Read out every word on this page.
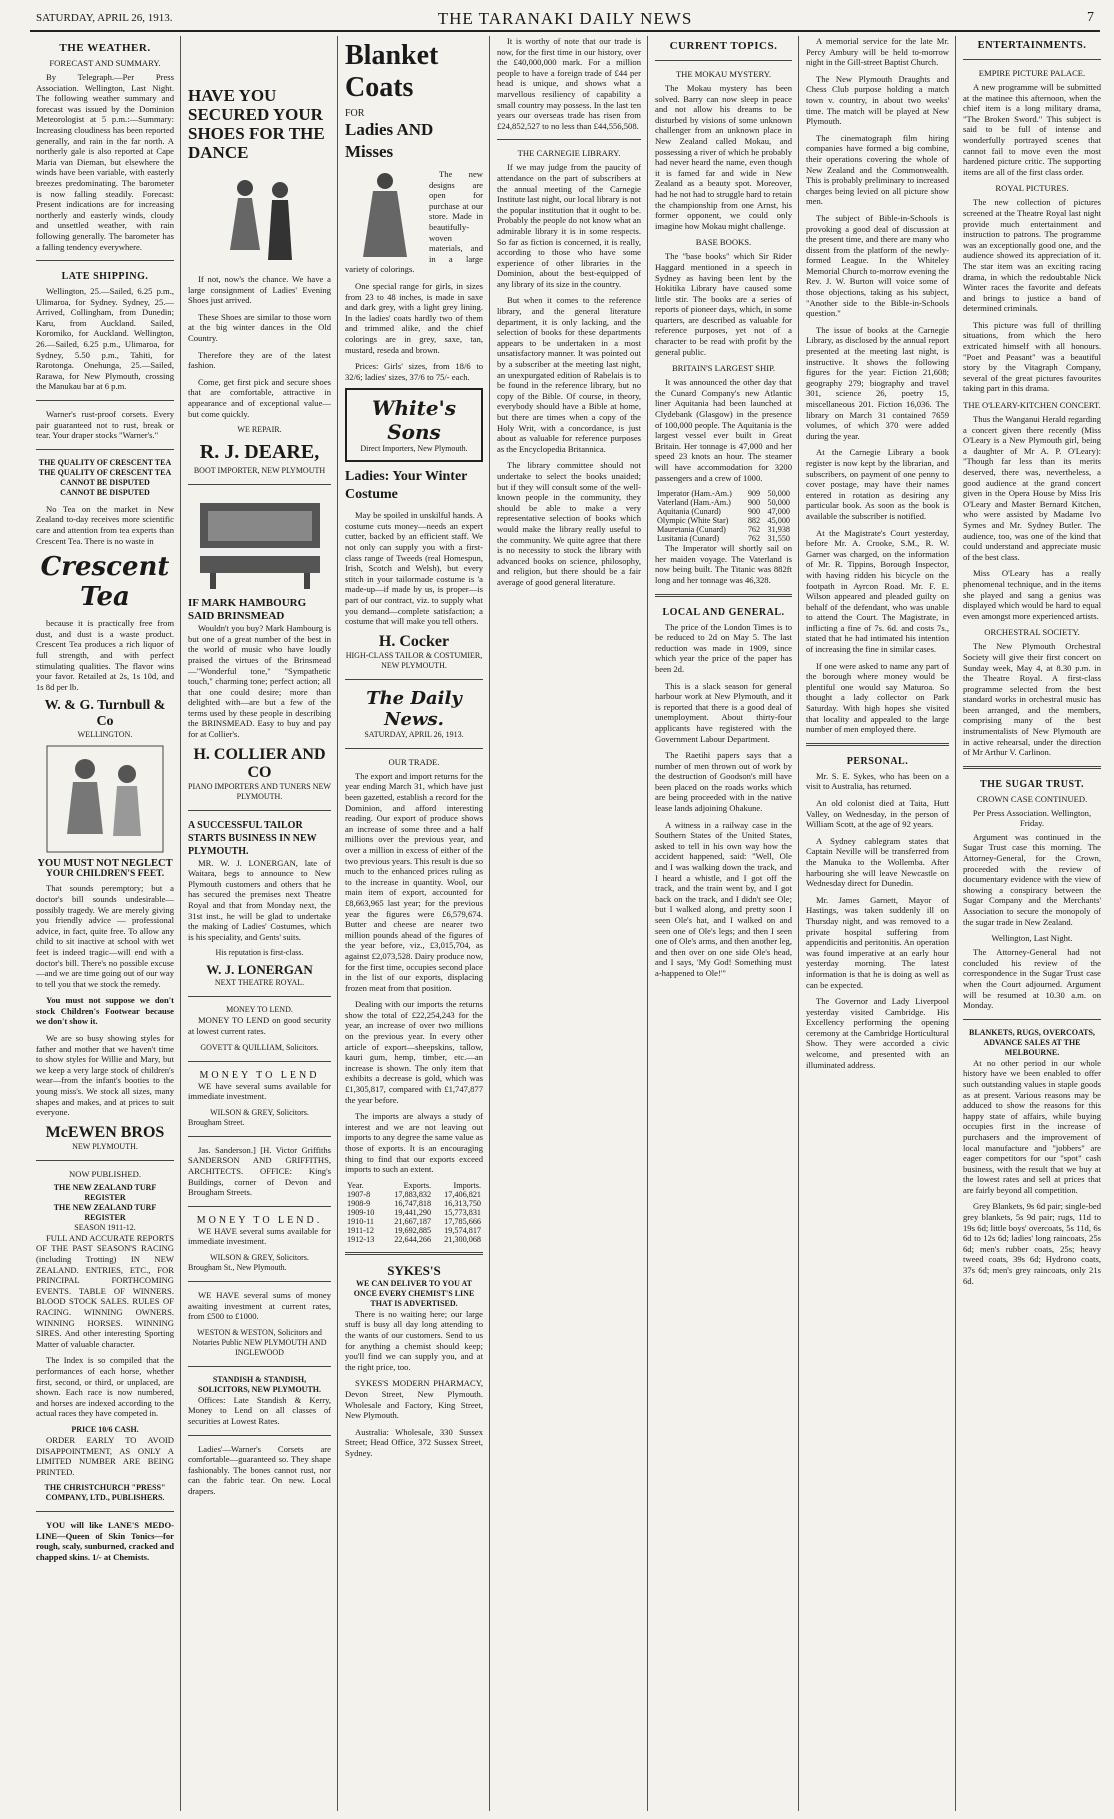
SATURDAY, APRIL 26, 1913.	THE TARANAKI DAILY NEWS	7
THE WEATHER.
FORECAST AND SUMMARY.

By Telegraph.—Per Press Association. Wellington, Last Night. The following weather summary and forecast was issued by the Dominion Meteorologist at 5 p.m.:—Summary: Increasing cloudiness has been reported generally, and rain in the far north. A northerly gale is also reported at Cape Maria van Dieman, but elsewhere the winds have been variable, with easterly breezes predominating. The barometer is now falling steadily. Forecast: Present indications are for increasing northerly and easterly winds, cloudy and unsettled weather, with rain following generally. The barometer has a falling tendency everywhere.

LATE SHIPPING.

Wellington, 25.—Sailed, 6.25 p.m., Ulimaroa, for Sydney. Sydney, 25.—Arrived, Collingham, from Dunedin; Karu, from Auckland. Sailed, Koromiko, for Auckland. Wellington, 26.—Sailed, 6.25 p.m., Ulimaroa, for Sydney, 5.50 p.m., Tahiti, for Rarotonga. Onehunga, 25.—Sailed, Rarawa, for New Plymouth, crossing the Manukau bar at 6 p.m.

Warner's rust-proof corsets. Every pair guaranteed not to rust, break or tear. Your draper stocks "Warner's."

THE QUALITY OF CRESCENT TEA
THE QUALITY OF CRESCENT TEA
CANNOT BE DISPUTED
CANNOT BE DISPUTED

No Tea on the market in New Zealand to-day receives more scientific care and attention from tea experts than Crescent Tea. There is no waste in

Crescent Tea

because it is practically free from dust, and dust is a waste product. Crescent Tea produces a rich liquor of full strength, and with perfect stimulating qualities. The flavor wins your favor. Retailed at 2s, 1s 10d, and 1s 8d per lb.

W. & G. Turnbull & Co
WELLINGTON.
YOU MUST NOT NEGLECT
YOUR CHILDREN'S FEET.

That sounds peremptory; but a doctor's bill sounds undesirable—possibly tragedy. We are merely giving you friendly advice — professional advice, in fact, quite free. To allow any child to sit inactive at school with wet feet is indeed tragic—will end with a doctor's bill. There's no possible excuse—and we are time going out of our way to tell you that we stock the remedy.

You must not suppose we don't stock Children's Footwear because we don't show it.

We are so busy showing styles for father and mother that we haven't time to show styles for Willie and Mary, but we keep a very large stock of children's wear—from the infant's booties to the young miss's. We stock all sizes, many shapes and makes, and at prices to suit everyone.

McEWEN BROS
NEW PLYMOUTH.
NOW PUBLISHED.
THE NEW ZEALAND TURF REGISTER
THE NEW ZEALAND TURF REGISTER
SEASON 1911-12.

FULL AND ACCURATE REPORTS OF THE PAST SEASON'S RACING (including Trotting) IN NEW ZEALAND. ENTRIES, ETC., FOR PRINCIPAL FORTHCOMING EVENTS. TABLE OF WINNERS. BLOOD STOCK SALES. RULES OF RACING. WINNING OWNERS. WINNING HORSES. WINNING SIRES. And other interesting Sporting Matter of valuable character.

The Index is so compiled that the performances of each horse, whether first, second, or third, or unplaced, are shown. Each race is now numbered, and horses are indexed according to the actual races they have competed in.

PRICE 10/6 CASH.

ORDER EARLY TO AVOID DISAPPOINTMENT, AS ONLY A LIMITED NUMBER ARE BEING PRINTED.

THE CHRISTCHURCH "PRESS" COMPANY, LTD., PUBLISHERS.

YOU will like LANE'S MEDO-LINE—Queen of Skin Tonics—for rough, scaly, sunburned, cracked and chapped skins. 1/- at Chemists.

HAVE YOU SECURED YOUR SHOES FOR THE DANCE

If not, now's the chance. We have a large consignment of Ladies' Evening Shoes just arrived.

These Shoes are similar to those worn at the big winter dances in the Old Country.

Therefore they are of the latest fashion.

Come, get first pick and secure shoes that are comfortable, attractive in appearance and of exceptional value—but come quickly.

WE REPAIR.
R. J. DEARE,
BOOT IMPORTER, NEW PLYMOUTH
IF MARK HAMBOURG SAID BRINSMEAD

Wouldn't you buy? Mark Hambourg is but one of a great number of the best in the world of music who have loudly praised the virtues of the Brinsmead—"Wonderful tone," "Sympathetic touch," charming tone; perfect action; all that one could desire; more than delighted with—are but a few of the terms used by these people in describing the BRINSMEAD. Easy to buy and pay for at Collier's.

H. COLLIER AND CO
PIANO IMPORTERS AND TUNERS NEW PLYMOUTH.
A SUCCESSFUL TAILOR STARTS BUSINESS IN NEW PLYMOUTH.

MR. W. J. LONERGAN, late of Waitara, begs to announce to New Plymouth customers and others that he has secured the premises next Theatre Royal and that from Monday next, the 31st inst., he will be glad to undertake the making of Ladies' Costumes, which is his speciality, and Gents' suits.

His reputation is first-class.
W. J. LONERGAN
NEXT THEATRE ROYAL.
MONEY TO LEND.

MONEY TO LEND on good security at lowest current rates.

GOVETT & QUILLIAM, Solicitors.
MONEY TO LEND

WE have several sums available for immediate investment.

WILSON & GREY, Solicitors.
Brougham Street.

Jas. Sanderson.] [H. Victor Griffiths SANDERSON AND GRIFFITHS, ARCHITECTS. OFFICE: King's Buildings, corner of Devon and Brougham Streets.

MONEY TO LEND.

WE HAVE several sums available for immediate investment.

WILSON & GREY, Solicitors.
Brougham St., New Plymouth.

WE HAVE several sums of money awaiting investment at current rates, from £500 to £1000.

WESTON & WESTON, Solicitors and Notaries Public NEW PLYMOUTH AND INGLEWOOD
STANDISH & STANDISH, SOLICITORS, NEW PLYMOUTH.

Offices: Late Standish & Kerry, Money to Lend on all classes of securities at Lowest Rates.

Ladies'—Warner's Corsets are comfortable—guaranteed so. They shape fashionably. The bones cannot rust, nor can the fabric tear. On new. Local drapers.

Blanket Coats
FOR
Ladies AND Misses

The new designs are open for purchase at our store. Made in beautifully-woven materials, and in a large variety of colorings.

One special range for girls, in sizes from 23 to 48 inches, is made in saxe and dark grey, with a light grey lining. In the ladies' coats hardly two of them and trimmed alike, and the chief colorings are in grey, saxe, tan, mustard, reseda and brown.

Prices: Girls' sizes, from 18/6 to 32/6; ladies' sizes, 37/6 to 75/- each.

White's Sons
Direct Importers, New Plymouth.
Ladies: Your Winter Costume

May be spoiled in unskilful hands. A costume cuts money—needs an expert cutter, backed by an efficient staff. We not only can supply you with a first-class range of Tweeds (real Homespun, Irish, Scotch and Welsh), but every stitch in your tailormade costume is 'a made-up—if made by us, is proper—is part of our contract, viz. to supply what you demand—complete satisfaction; a costume that will make you tell others.

H. Cocker
HIGH-CLASS TAILOR & COSTUMIER, NEW PLYMOUTH.
The Daily News.
SATURDAY, APRIL 26, 1913.
OUR TRADE.

The export and import returns for the year ending March 31, which have just been gazetted, establish a record for the Dominion, and afford interesting reading. Our export of produce shows an increase of some three and a half millions over the previous year, and over a million in excess of either of the two previous years. This result is due so much to the enhanced prices ruling as to the increase in quantity. Wool, our main item of export, accounted for £8,663,965 last year; for the previous year the figures were £6,579,674. Butter and cheese are nearer two million pounds ahead of the figures of the year before, viz., £3,015,704, as against £2,073,528. Dairy produce now, for the first time, occupies second place in the list of our exports, displacing frozen meat from that position.

Dealing with our imports the returns show the total of £22,254,243 for the year, an increase of over two millions on the previous year. In every other article of export—sheepskins, tallow, kauri gum, hemp, timber, etc.—an increase is shown. The only item that exhibits a decrease is gold, which was £1,305,817, compared with £1,747,877 the year before.

The imports are always a study of interest and we are not leaving out imports to any degree the same value as those of exports. It is an encouraging thing to find that our exports exceed imports to such an extent.

Year.	Exports.	Imports.
1907-8	17,883,832	17,406,821
1908-9	16,747,818	16,313,750
1909-10	19,441,290	15,773,831
1910-11	21,667,187	17,785,666
1911-12	19,692,885	19,574,817
1912-13	22,644,266	21,300,068
SYKES'S
WE CAN DELIVER TO YOU AT ONCE EVERY CHEMIST'S LINE THAT IS ADVERTISED.

There is no waiting here; our large stuff is busy all day long attending to the wants of our customers. Send to us for anything a chemist should keep; you'll find we can supply you, and at the right price, too.

SYKES'S MODERN PHARMACY, Devon Street, New Plymouth. Wholesale and Factory, King Street, New Plymouth.

Australia: Wholesale, 330 Sussex Street; Head Office, 372 Sussex Street, Sydney.

It is worthy of note that our trade is now, for the first time in our history, over the £40,000,000 mark. For a million people to have a foreign trade of £44 per head is unique, and shows what a marvellous resiliency of capability a small country may possess. In the last ten years our overseas trade has risen from £24,852,527 to no less than £44,556,508.

THE CARNEGIE LIBRARY.

If we may judge from the paucity of attendance on the part of subscribers at the annual meeting of the Carnegie Institute last night, our local library is not the popular institution that it ought to be. Probably the people do not know what an admirable library it is in some respects. So far as fiction is concerned, it is really, according to those who have some experience of other libraries in the Dominion, about the best-equipped of any library of its size in the country.

But when it comes to the reference library, and the general literature department, it is only lacking, and the selection of books for these departments appears to be undertaken in a most unsatisfactory manner. It was pointed out by a subscriber at the meeting last night, an unexpurgated edition of Rabelais is to be found in the reference library, but no copy of the Bible. Of course, in theory, everybody should have a Bible at home, but there are times when a copy of the Holy Writ, with a concordance, is just about as valuable for reference purposes as the Encyclopedia Britannica.

The library committee should not undertake to select the books unaided; but if they will consult some of the well-known people in the community, they should be able to make a very representative selection of books which would make the library really useful to the community. We quite agree that there is no necessity to stock the library with advanced books on science, philosophy, and religion, but there should be a fair average of good general literature.

CURRENT TOPICS.
THE MOKAU MYSTERY.

The Mokau mystery has been solved. Barry can now sleep in peace and not allow his dreams to be disturbed by visions of some unknown challenger from an unknown place in New Zealand called Mokau, and possessing a river of which he probably had never heard the name, even though it is famed far and wide in New Zealand as a beauty spot. Moreover, had he not had to struggle hard to retain the championship from one Arnst, his former opponent, we could only imagine how Mokau might challenge.

BASE BOOKS.

The "base books" which Sir Rider Haggard mentioned in a speech in Sydney as having been lent by the Hokitika Library have caused some little stir. The books are a series of reports of pioneer days, which, in some quarters, are described as valuable for reference purposes, yet not of a character to be read with profit by the general public.

BRITAIN'S LARGEST SHIP.

It was announced the other day that the Cunard Company's new Atlantic liner Aquitania had been launched at Clydebank (Glasgow) in the presence of 100,000 people. The Aquitania is the largest vessel ever built in Great Britain. Her tonnage is 47,000 and her speed 23 knots an hour. The steamer will have accommodation for 3200 passengers and a crew of 1000.

Imperator (Ham.-Am.)	909	50,000
Vaterland (Ham.-Am.)	900	50,000
Aquitania (Cunard)	900	47,000
Olympic (White Star)	882	45,000
Mauretania (Cunard)	762	31,938
Lusitania (Cunard)	762	31,550

The Imperator will shortly sail on her maiden voyage. The Vaterland is now being built. The Titanic was 882ft long and her tonnage was 46,328.

LOCAL AND GENERAL.

The price of the London Times is to be reduced to 2d on May 5. The last reduction was made in 1909, since which year the price of the paper has been 2d.

This is a slack season for general harbour work at New Plymouth, and it is reported that there is a good deal of unemployment. About thirty-four applicants have registered with the Government Labour Department.

The Raetihi papers says that a number of men thrown out of work by the destruction of Goodson's mill have been placed on the roads works which are being proceeded with in the native lease lands adjoining Ohakune.

A witness in a railway case in the Southern States of the United States, asked to tell in his own way how the accident happened, said: "Well, Ole and I was walking down the track, and I heard a whistle, and I got off the track, and the train went by, and I got back on the track, and I didn't see Ole; but I walked along, and pretty soon I seen Ole's hat, and I walked on and seen one of Ole's legs; and then I seen one of Ole's arms, and then another leg, and then over on one side Ole's head, and I says, 'My God! Something must a-happened to Ole!'"

A memorial service for the late Mr. Percy Ambury will be held to-morrow night in the Gill-street Baptist Church.

The New Plymouth Draughts and Chess Club purpose holding a match town v. country, in about two weeks' time. The match will be played at New Plymouth.

The cinematograph film hiring companies have formed a big combine, their operations covering the whole of New Zealand and the Commonwealth. This is probably preliminary to increased charges being levied on all picture show men.

The subject of Bible-in-Schools is provoking a good deal of discussion at the present time, and there are many who dissent from the platform of the newly-formed League. In the Whiteley Memorial Church to-morrow evening the Rev. J. W. Burton will voice some of those objections, taking as his subject, "Another side to the Bible-in-Schools question."

The issue of books at the Carnegie Library, as disclosed by the annual report presented at the meeting last night, is instructive. It shows the following figures for the year: Fiction 21,608; geography 279; biography and travel 301, science 26, poetry 15, miscellaneous 201. Fiction 16,036. The library on March 31 contained 7659 volumes, of which 370 were added during the year.

At the Carnegie Library a book register is now kept by the librarian, and subscribers, on payment of one penny to cover postage, may have their names entered in rotation as desiring any particular book. As soon as the book is available the subscriber is notified.

At the Magistrate's Court yesterday, before Mr. A. Crooke, S.M., R. W. Garner was charged, on the information of Mr. R. Tippins, Borough Inspector, with having ridden his bicycle on the footpath in Ayrcon Road. Mr. F. E. Wilson appeared and pleaded guilty on behalf of the defendant, who was unable to attend the Court. The Magistrate, in inflicting a fine of 7s. 6d. and costs 7s., stated that he had intimated his intention of increasing the fine in similar cases.

If one were asked to name any part of the borough where money would be plentiful one would say Maturoa. So thought a lady collector on Park Saturday. With high hopes she visited that locality and appealed to the large number of men employed there.

PERSONAL.

Mr. S. E. Sykes, who has been on a visit to Australia, has returned.

An old colonist died at Taita, Hutt Valley, on Wednesday, in the person of William Scott, at the age of 92 years.

A Sydney cablegram states that Captain Neville will be transferred from the Manuka to the Wollemba. After harbouring she will leave Newcastle on Wednesday direct for Dunedin.

Mr. James Garnett, Mayor of Hastings, was taken suddenly ill on Thursday night, and was removed to a private hospital suffering from appendicitis and peritonitis. An operation was found imperative at an early hour yesterday morning. The latest information is that he is doing as well as can be expected.

The Governor and Lady Liverpool yesterday visited Cambridge. His Excellency performing the opening ceremony at the Cambridge Horticultural Show. They were accorded a civic welcome, and presented with an illuminated address.

ENTERTAINMENTS.
EMPIRE PICTURE PALACE.

A new programme will be submitted at the matinee this afternoon, when the chief item is a long military drama, "The Broken Sword." This subject is said to be full of intense and wonderfully portrayed scenes that cannot fail to move even the most hardened picture critic. The supporting items are all of the first class order.

ROYAL PICTURES.

The new collection of pictures screened at the Theatre Royal last night provide much entertainment and instruction to patrons. The programme was an exceptionally good one, and the audience showed its appreciation of it. The star item was an exciting racing drama, in which the redoubtable Nick Winter races the favorite and defeats and brings to justice a band of determined criminals.

This picture was full of thrilling situations, from which the hero extricated himself with all honours. "Poet and Peasant" was a beautiful story by the Vitagraph Company, several of the great pictures favourites taking part in this drama.

THE O'LEARY-KITCHEN CONCERT.

Thus the Wanganui Herald regarding a concert given there recently (Miss O'Leary is a New Plymouth girl, being a daughter of Mr A. P. O'Leary): "Though far less than its merits deserved, there was, nevertheless, a good audience at the grand concert given in the Opera House by Miss Iris O'Leary and Master Bernard Kitchen, who were assisted by Madame Ivo Symes and Mr. Sydney Butler. The audience, too, was one of the kind that could understand and appreciate music of the best class.

Miss O'Leary has a really phenomenal technique, and in the items she played and sang a genius was displayed which would be hard to equal even amongst more experienced artists.

ORCHESTRAL SOCIETY.

The New Plymouth Orchestral Society will give their first concert on Sunday week, May 4, at 8.30 p.m. in the Theatre Royal. A first-class programme selected from the best standard works in orchestral music has been arranged, and the members, comprising many of the best instrumentalists of New Plymouth are in active rehearsal, under the direction of Mr Arthur V. Carlinon.

THE SUGAR TRUST.
CROWN CASE CONTINUED.
Per Press Association. Wellington, Friday.

Argument was continued in the Sugar Trust case this morning. The Attorney-General, for the Crown, proceeded with the review of documentary evidence with the view of showing a conspiracy between the Sugar Company and the Merchants' Association to secure the monopoly of the sugar trade in New Zealand.

Wellington, Last Night.

The Attorney-General had not concluded his review of the correspondence in the Sugar Trust case when the Court adjourned. Argument will be resumed at 10.30 a.m. on Monday.

BLANKETS, RUGS, OVERCOATS, ADVANCE SALES AT THE MELBOURNE.

At no other period in our whole history have we been enabled to offer such outstanding values in staple goods as at present. Various reasons may be adduced to show the reasons for this happy state of affairs, while buying occupies first in the increase of purchasers and the improvement of local manufacture and "jobbers" are eager competitors for our "spot" cash business, with the result that we buy at the lowest rates and sell at prices that are fairly beyond all competition.

Grey Blankets, 9s 6d pair; single-bed grey blankets, 5s 9d pair; rugs, 11d to 19s 6d; little boys' overcoats, 5s 11d, 6s 6d to 12s 6d; ladies' long raincoats, 25s 6d; men's rubber coats, 25s; heavy tweed coats, 39s 6d; Hydrono coats, 37s 6d; men's grey raincoats, only 21s 6d.
